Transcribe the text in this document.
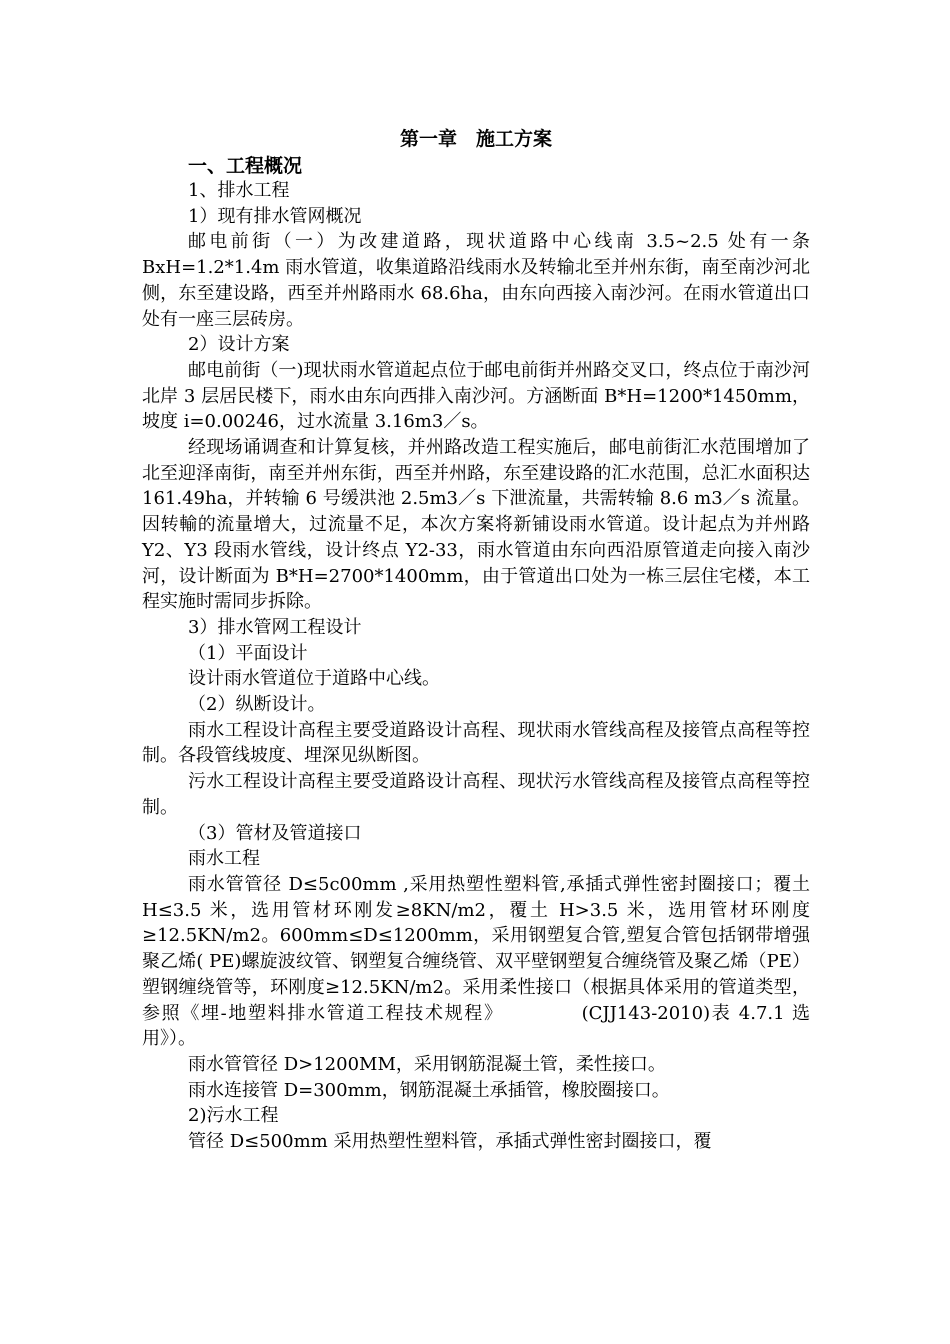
第一章　施工方案

一、工程概况

1、排水工程

1）现有排水管网概况

邮电前街（一）为改建道路，现状道路中心线南 3.5~2.5 处有一条 BxH=1.2*1.4m 雨水管道，收集道路沿线雨水及转输北至并州东街，南至南沙河北侧，东至建设路，西至并州路雨水 68.6ha，由东向西接入南沙河。在雨水管道出口处有一座三层砖房。

2）设计方案

邮电前街（一)现状雨水管道起点位于邮电前街并州路交叉口，终点位于南沙河北岸 3 层居民楼下，雨水由东向西排入南沙河。方涵断面 B*H=1200*1450mm，坡度 i=0.00246，过水流量 3.16m3／s。

经现场诵调查和计算复核，并州路改造工程实施后，邮电前街汇水范围增加了北至迎泽南街，南至并州东街，西至并州路，东至建设路的汇水范围，总汇水面积达 161.49ha，并转输 6 号缓洪池 2.5m3／s 下泄流量，共需转输 8.6 m3／s 流量。因转輸的流量增大，过流量不足，本次方案将新铺设雨水管道。设计起点为并州路 Y2、Y3 段雨水管线，设计终点 Y2-33，雨水管道由东向西沿原管道走向接入南沙河，设计断面为 B*H=2700*1400mm，由于管道出口处为一栋三层住宅楼，本工程实施时需同步拆除。

3）排水管网工程设计

（1）平面设计

设计雨水管道位于道路中心线。

（2）纵断设计。

雨水工程设计高程主要受道路设计高程、现状雨水管线高程及接管点高程等控制。各段管线坡度、埋深见纵断图。

污水工程设计高程主要受道路设计高程、现状污水管线高程及接管点高程等控制。

（3）管材及管道接口

雨水工程

雨水管管径 D≤5c00mm ,采用热塑性塑料管,承插式弹性密封圈接口；覆土 H≤3.5 米，选用管材环刚发≥8KN/m2，覆土 H>3.5 米，选用管材环刚度≥12.5KN/m2。600mm≤D≤1200mm，采用钢塑复合管,塑复合管包括钢带增强聚乙烯( PE)螺旋波纹管、钢塑复合缠绕管、双平壁钢塑复合缠绕管及聚乙烯（PE）塑钢缠绕管等，环刚度≥12.5KN/m2。采用柔性接口（根据具体采用的管道类型，参照《埋-地塑料排水管道工程技术规程》	(CJJ143-2010)表 4.7.1 选用》）。

雨水管管径 D>1200MM，采用钢筋混凝土管，柔性接口。

雨水连接管 D=300mm，钢筋混凝土承插管，橡胶圈接口。

2)污水工程

管径 D≤500mm 采用热塑性塑料管，承插式弹性密封圈接口，覆
